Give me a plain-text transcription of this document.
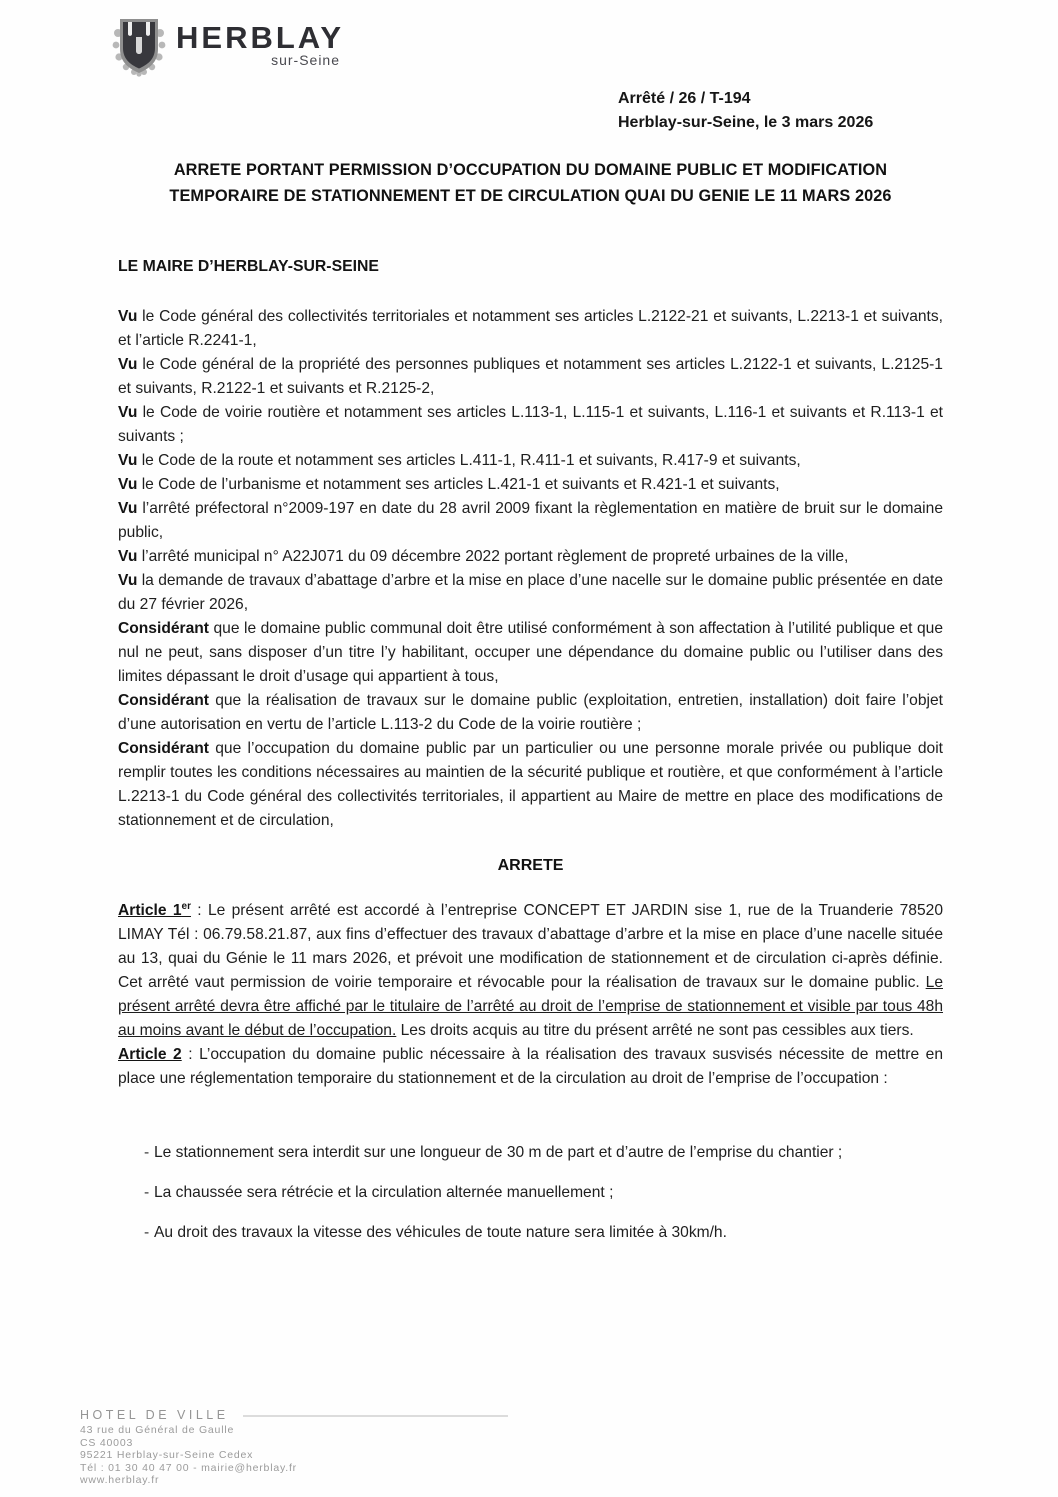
HERBLAY
sur-Seine
Arrêté / 26 / T-194
Herblay-sur-Seine, le 3 mars 2026
ARRETE PORTANT PERMISSION D’OCCUPATION DU DOMAINE PUBLIC ET MODIFICATION
TEMPORAIRE DE STATIONNEMENT ET DE CIRCULATION QUAI DU GENIE LE 11 MARS 2026
LE MAIRE D’HERBLAY-SUR-SEINE

Vu le Code général des collectivités territoriales et notamment ses articles L.2122-21 et suivants, L.2213-1 et suivants, et l’article R.2241-1,

Vu le Code général de la propriété des personnes publiques et notamment ses articles L.2122-1 et suivants, L.2125-1 et suivants, R.2122-1 et suivants et R.2125-2,

Vu le Code de voirie routière et notamment ses articles L.113-1, L.115-1 et suivants, L.116-1 et suivants et R.113-1 et suivants ;

Vu le Code de la route et notamment ses articles L.411-1, R.411-1 et suivants, R.417-9 et suivants,

Vu le Code de l’urbanisme et notamment ses articles L.421-1 et suivants et R.421-1 et suivants,

Vu l’arrêté préfectoral n°2009-197 en date du 28 avril 2009 fixant la règlementation en matière de bruit sur le domaine public,

Vu l’arrêté municipal n° A22J071 du 09 décembre 2022 portant règlement de propreté urbaines de la ville,

Vu la demande de travaux d’abattage d’arbre et la mise en place d’une nacelle sur le domaine public présentée en date du 27 février 2026,

Considérant que le domaine public communal doit être utilisé conformément à son affectation à l’utilité publique et que nul ne peut, sans disposer d’un titre l’y habilitant, occuper une dépendance du domaine public ou l’utiliser dans des limites dépassant le droit d’usage qui appartient à tous,

Considérant que la réalisation de travaux sur le domaine public (exploitation, entretien, installation) doit faire l’objet d’une autorisation en vertu de l’article L.113-2 du Code de la voirie routière ;

Considérant que l’occupation du domaine public par un particulier ou une personne morale privée ou publique doit remplir toutes les conditions nécessaires au maintien de la sécurité publique et routière, et que conformément à l’article L.2213-1 du Code général des collectivités territoriales, il appartient au Maire de mettre en place des modifications de stationnement et de circulation,

ARRETE

Article 1er : Le présent arrêté est accordé à l’entreprise CONCEPT ET JARDIN sise 1, rue de la Truanderie 78520 LIMAY Tél : 06.79.58.21.87, aux fins d’effectuer des travaux d’abattage d’arbre et la mise en place d’une nacelle située au 13, quai du Génie le 11 mars 2026, et prévoit une modification de stationnement et de circulation ci-après définie. Cet arrêté vaut permission de voirie temporaire et révocable pour la réalisation de travaux sur le domaine public. Le présent arrêté devra être affiché par le titulaire de l’arrêté au droit de l’emprise de stationnement et visible par tous 48h au moins avant le début de l’occupation. Les droits acquis au titre du présent arrêté ne sont pas cessibles aux tiers.

Article 2 : L’occupation du domaine public nécessaire à la réalisation des travaux susvisés nécessite de mettre en place une réglementation temporaire du stationnement et de la circulation au droit de l’emprise de l’occupation :

- Le stationnement sera interdit sur une longueur de 30 m de part et d’autre de l’emprise du chantier ;
- La chaussée sera rétrécie et la circulation alternée manuellement ;
- Au droit des travaux la vitesse des véhicules de toute nature sera limitée à 30km/h.
HOTEL DE VILLE
43 rue du Général de Gaulle
CS 40003
95221 Herblay-sur-Seine Cedex
Tél : 01 30 40 47 00 - mairie@herblay.fr
www.herblay.fr
